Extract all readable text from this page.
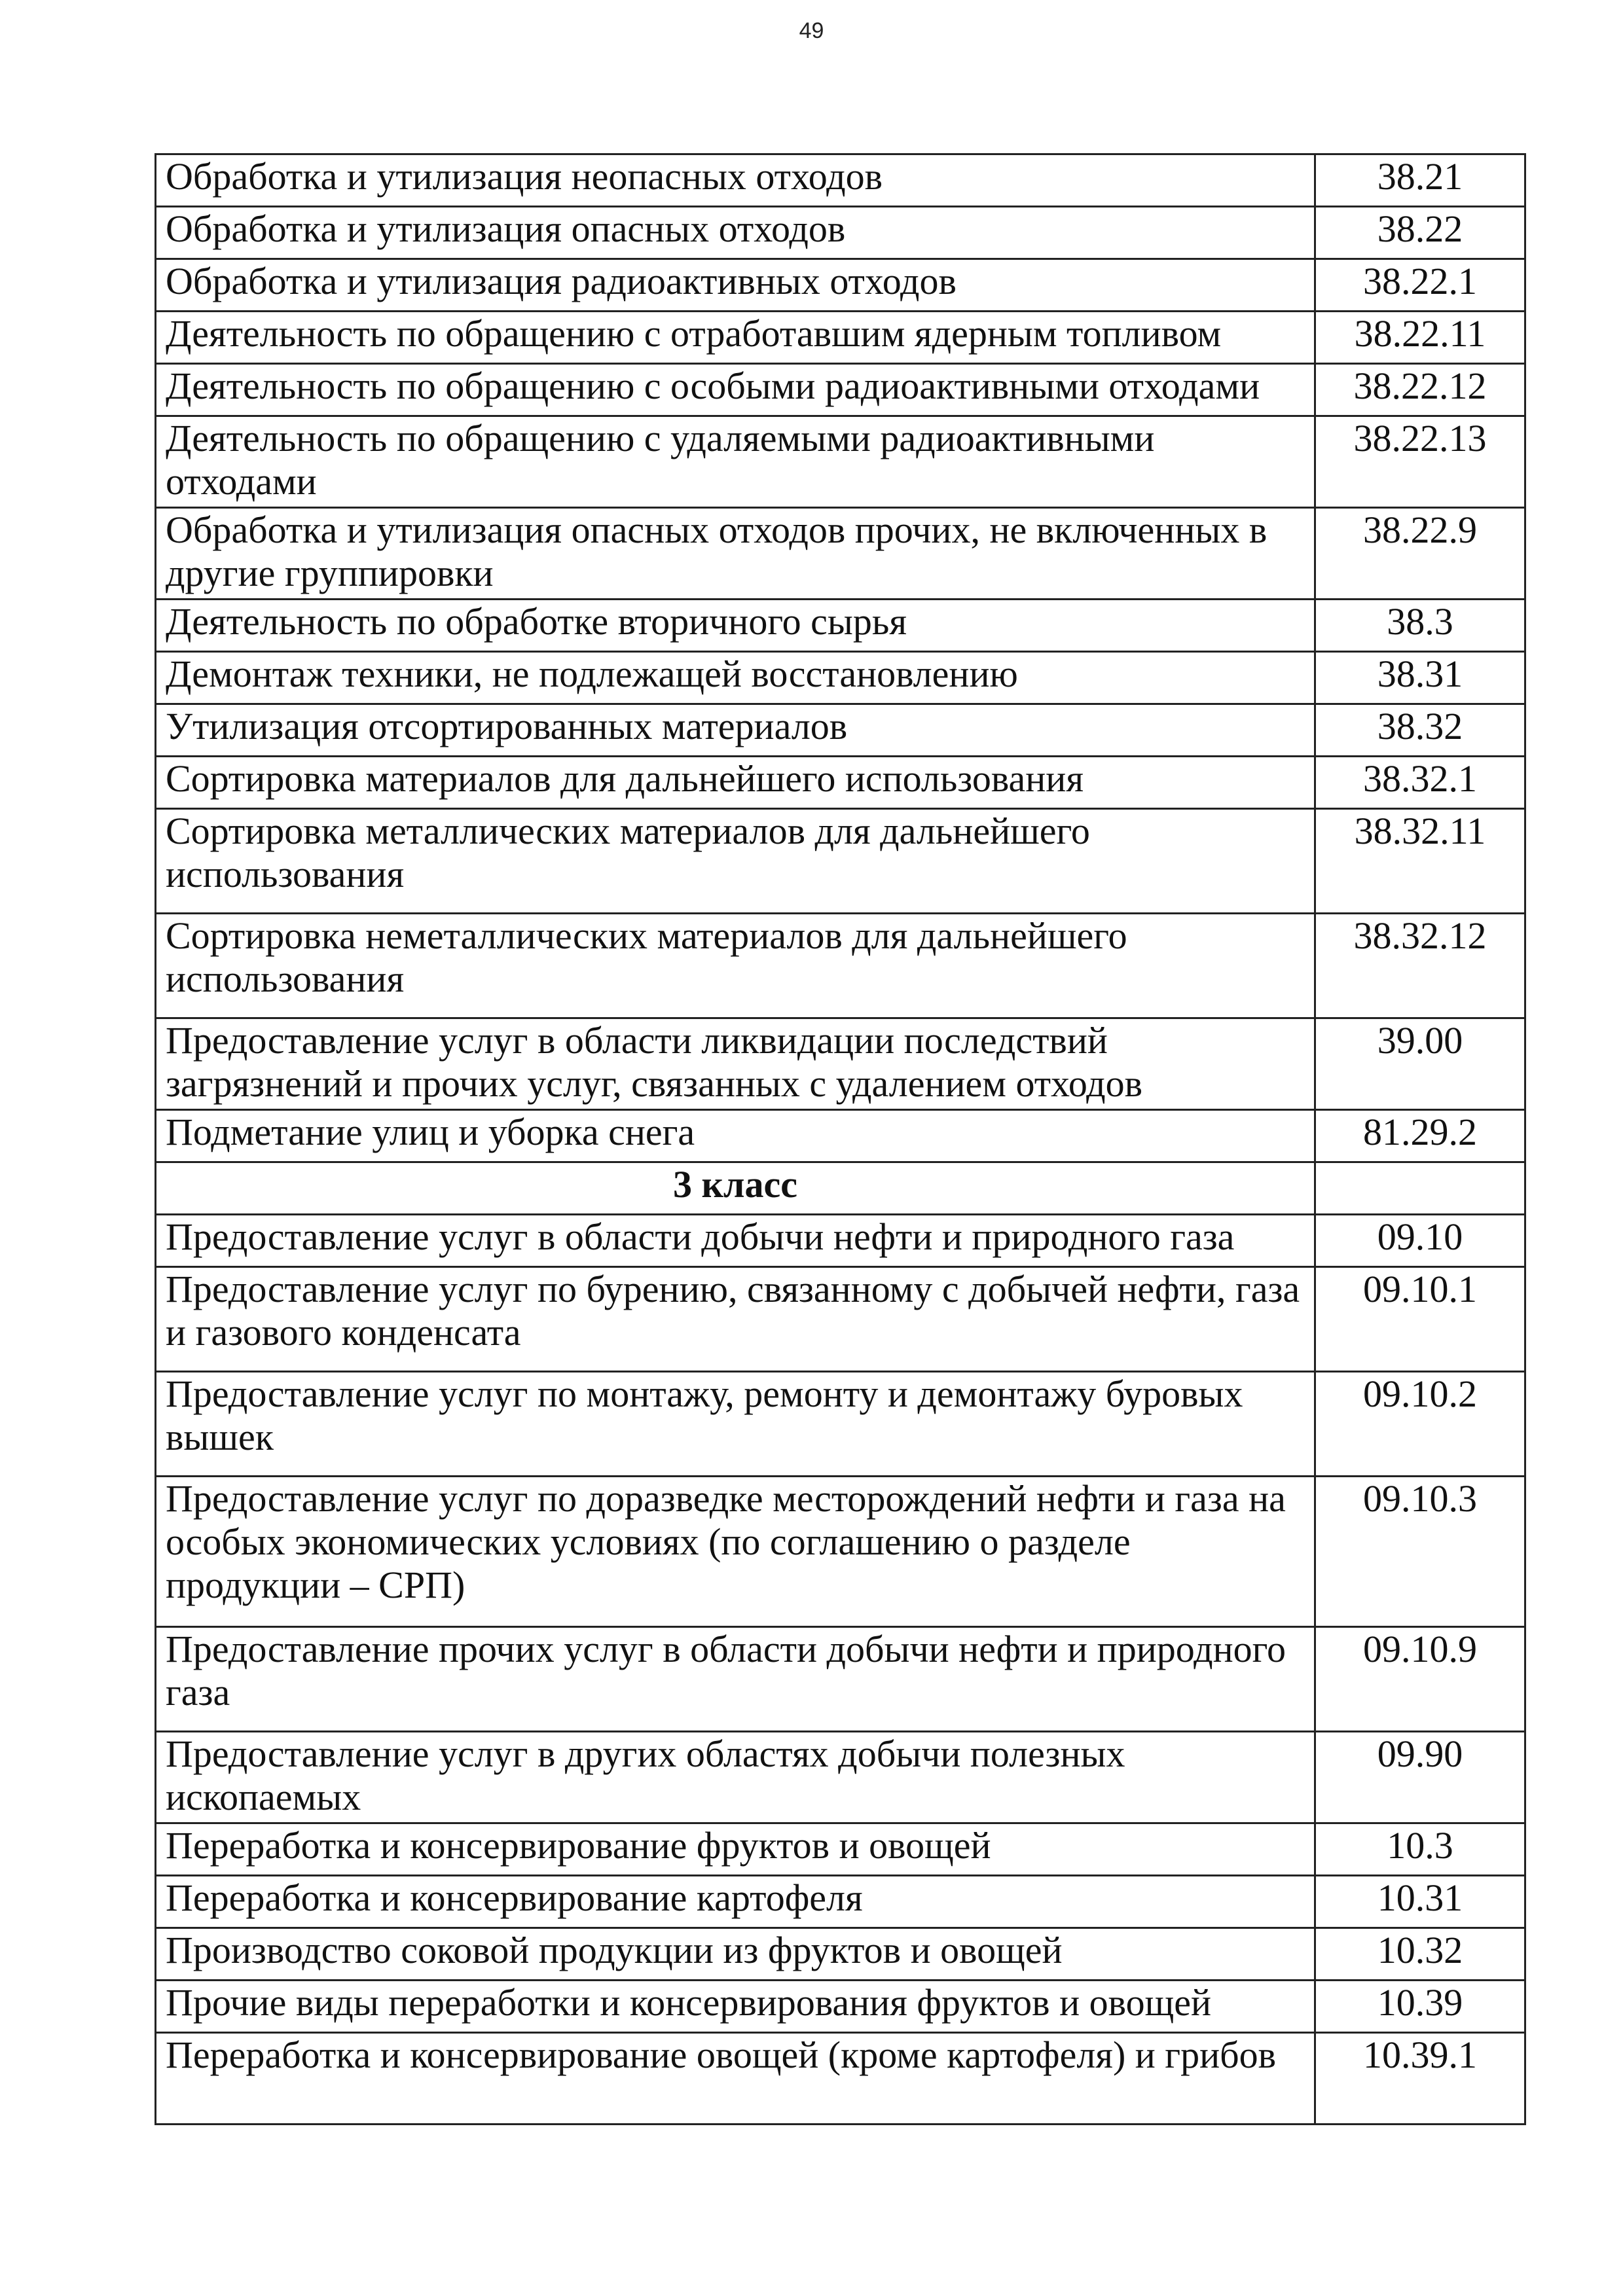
49
Обработка и утилизация неопасных отходов	38.21
Обработка и утилизация опасных отходов	38.22
Обработка и утилизация радиоактивных отходов	38.22.1
Деятельность по обращению с отработавшим ядерным топливом	38.22.11
Деятельность по обращению с особыми радиоактивными отходами	38.22.12
Деятельность по обращению с удаляемыми радиоактивными отходами	38.22.13
Обработка и утилизация опасных отходов прочих, не включенных в другие группировки	38.22.9
Деятельность по обработке вторичного сырья	38.3
Демонтаж техники, не подлежащей восстановлению	38.31
Утилизация отсортированных материалов	38.32
Сортировка материалов для дальнейшего использования	38.32.1
Сортировка металлических материалов для дальнейшего использования	38.32.11
Сортировка неметаллических материалов для дальнейшего использования	38.32.12
Предоставление услуг в области ликвидации последствий загрязнений и прочих услуг, связанных с удалением отходов	39.00
Подметание улиц и уборка снега	81.29.2
3 класс	
Предоставление услуг в области добычи нефти и природного газа	09.10
Предоставление услуг по бурению, связанному с добычей нефти, газа и газового конденсата	09.10.1
Предоставление услуг по монтажу, ремонту и демонтажу буровых вышек	09.10.2
Предоставление услуг по доразведке месторождений нефти и газа на особых экономических условиях (по соглашению о разделе продукции – СРП)	09.10.3
Предоставление прочих услуг в области добычи нефти и природного газа	09.10.9
Предоставление услуг в других областях добычи полезных ископаемых	09.90
Переработка и консервирование фруктов и овощей	10.3
Переработка и консервирование картофеля	10.31
Производство соковой продукции из фруктов и овощей	10.32
Прочие виды переработки и консервирования фруктов и овощей	10.39
Переработка и консервирование овощей (кроме картофеля) и грибов	10.39.1
